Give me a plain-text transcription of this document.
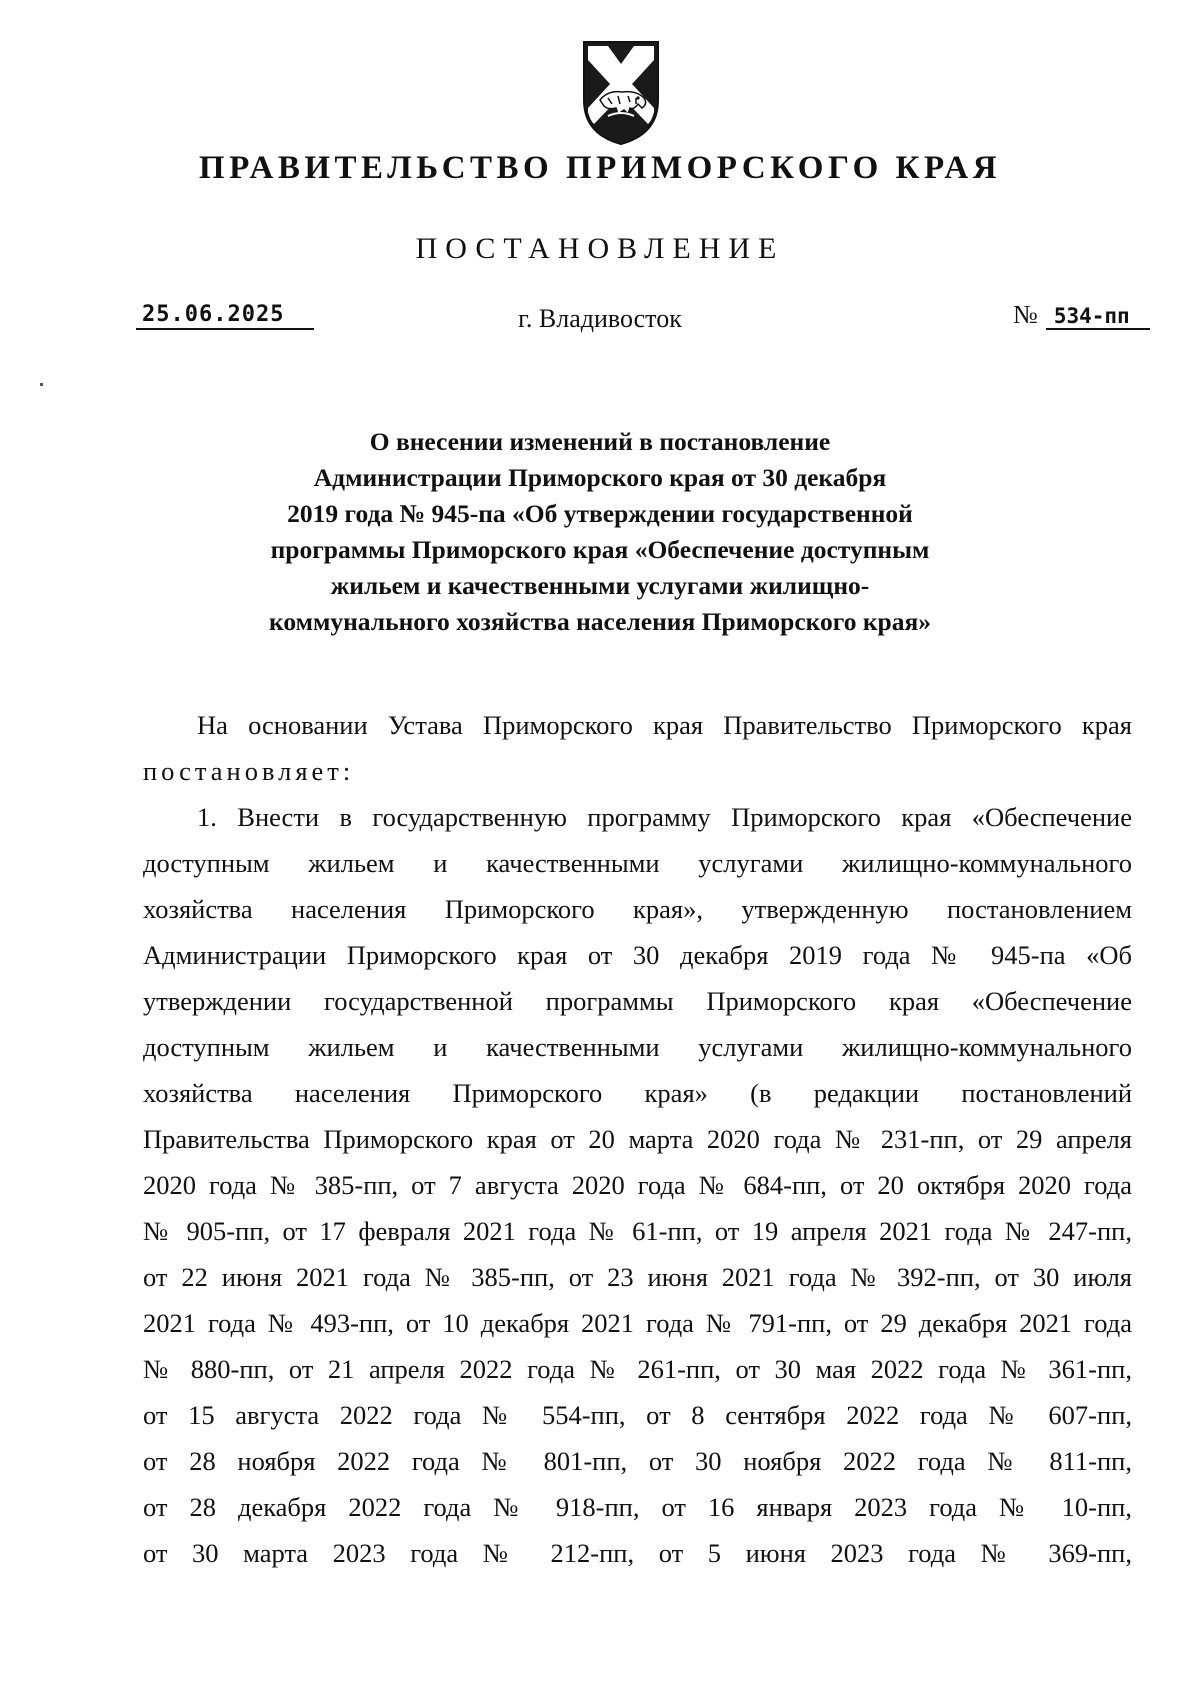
ПРАВИТЕЛЬСТВО ПРИМОРСКОГО КРАЯ
ПОСТАНОВЛЕНИЕ
25.06.2025	г. Владивосток	№ 534-пп
О внесении изменений в постановление
Администрации Приморского края от 30 декабря
2019 года № 945-па «Об утверждении государственной
программы Приморского края «Обеспечение доступным
жильем и качественными услугами жилищно-
коммунального хозяйства населения Приморского края»
На основании Устава Приморского края Правительство Приморского края
постановляет:
1. Внести в государственную программу Приморского края «Обеспечение
доступным жильем и качественными услугами жилищно-коммунального
хозяйства населения Приморского края», утвержденную постановлением
Администрации Приморского края от 30 декабря 2019 года № 945-па «Об
утверждении государственной программы Приморского края «Обеспечение
доступным жильем и качественными услугами жилищно-коммунального
хозяйства населения Приморского края» (в редакции постановлений
Правительства Приморского края от 20 марта 2020 года № 231-пп, от 29 апреля
2020 года № 385-пп, от 7 августа 2020 года № 684-пп, от 20 октября 2020 года
№ 905-пп, от 17 февраля 2021 года № 61-пп, от 19 апреля 2021 года № 247-пп,
от 22 июня 2021 года № 385-пп, от 23 июня 2021 года № 392-пп, от 30 июля
2021 года № 493-пп, от 10 декабря 2021 года № 791-пп, от 29 декабря 2021 года
№ 880-пп, от 21 апреля 2022 года № 261-пп, от 30 мая 2022 года № 361-пп,
от 15 августа 2022 года № 554-пп, от 8 сентября 2022 года № 607-пп,
от 28 ноября 2022 года № 801-пп, от 30 ноября 2022 года № 811-пп,
от 28 декабря 2022 года № 918-пп, от 16 января 2023 года № 10-пп,
от 30 марта 2023 года № 212-пп, от 5 июня 2023 года № 369-пп,
